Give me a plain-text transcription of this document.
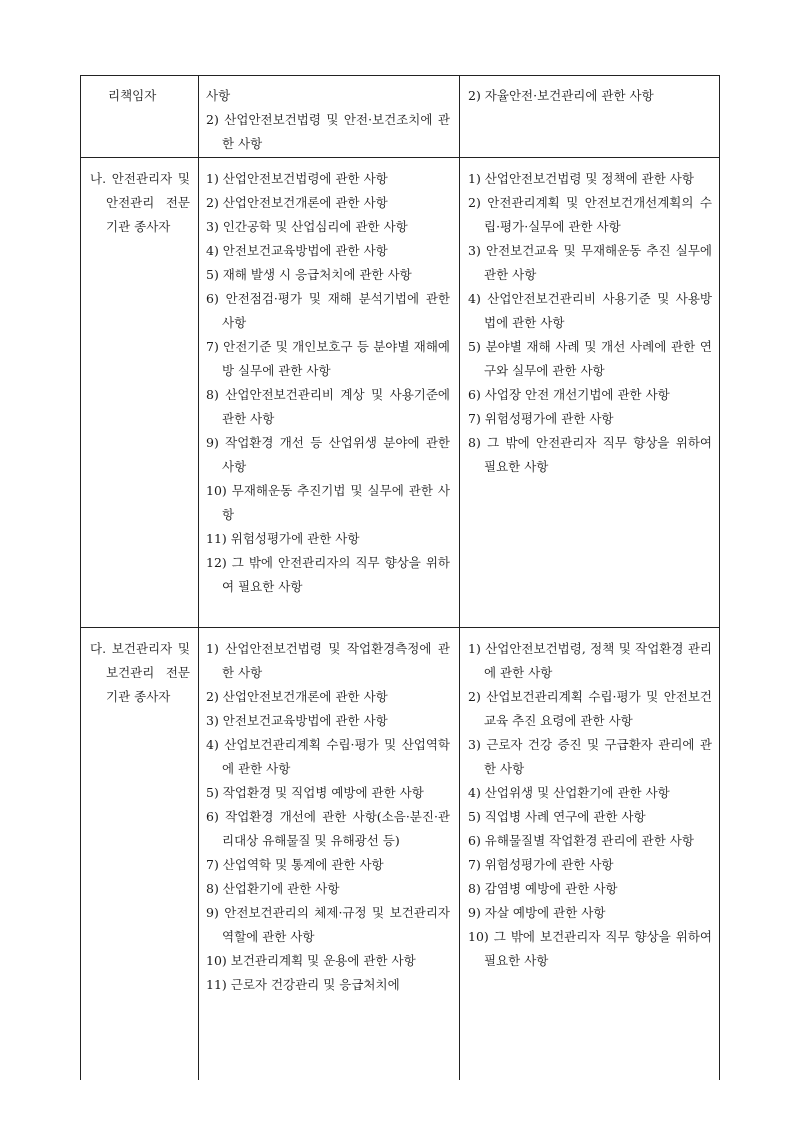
리책임자	사항
2) 산업안전보건법령 및 안전·보건조치에 관한 사항
2) 자율안전·보건관리에 관한 사항
나. 안전관리자 및 안전관리 전문기관 종사자
1) 산업안전보건법령에 관한 사항
2) 산업안전보건개론에 관한 사항
3) 인간공학 및 산업심리에 관한 사항
4) 안전보건교육방법에 관한 사항
5) 재해 발생 시 응급처치에 관한 사항
6) 안전점검·평가 및 재해 분석기법에 관한 사항
7) 안전기준 및 개인보호구 등 분야별 재해예방 실무에 관한 사항
8) 산업안전보건관리비 계상 및 사용기준에 관한 사항
9) 작업환경 개선 등 산업위생 분야에 관한 사항
10) 무재해운동 추진기법 및 실무에 관한 사항
11) 위험성평가에 관한 사항
12) 그 밖에 안전관리자의 직무 향상을 위하여 필요한 사항
1) 산업안전보건법령 및 정책에 관한 사항
2) 안전관리계획 및 안전보건개선계획의 수립·평가·실무에 관한 사항
3) 안전보건교육 및 무재해운동 추진 실무에 관한 사항
4) 산업안전보건관리비 사용기준 및 사용방법에 관한 사항
5) 분야별 재해 사례 및 개선 사례에 관한 연구와 실무에 관한 사항
6) 사업장 안전 개선기법에 관한 사항
7) 위험성평가에 관한 사항
8) 그 밖에 안전관리자 직무 향상을 위하여 필요한 사항
다. 보건관리자 및 보건관리 전문기관 종사자
1) 산업안전보건법령 및 작업환경측정에 관한 사항
2) 산업안전보건개론에 관한 사항
3) 안전보건교육방법에 관한 사항
4) 산업보건관리계획 수립·평가 및 산업역학에 관한 사항
5) 작업환경 및 직업병 예방에 관한 사항
6) 작업환경 개선에 관한 사항(소음·분진·관리대상 유해물질 및 유해광선 등)
7) 산업역학 및 통계에 관한 사항
8) 산업환기에 관한 사항
9) 안전보건관리의 체제·규정 및 보건관리자 역할에 관한 사항
10) 보건관리계획 및 운용에 관한 사항
11) 근로자 건강관리 및 응급처치에
1) 산업안전보건법령, 정책 및 작업환경 관리에 관한 사항
2) 산업보건관리계획 수립·평가 및 안전보건교육 추진 요령에 관한 사항
3) 근로자 건강 증진 및 구급환자 관리에 관한 사항
4) 산업위생 및 산업환기에 관한 사항
5) 직업병 사례 연구에 관한 사항
6) 유해물질별 작업환경 관리에 관한 사항
7) 위험성평가에 관한 사항
8) 감염병 예방에 관한 사항
9) 자살 예방에 관한 사항
10) 그 밖에 보건관리자 직무 향상을 위하여 필요한 사항
